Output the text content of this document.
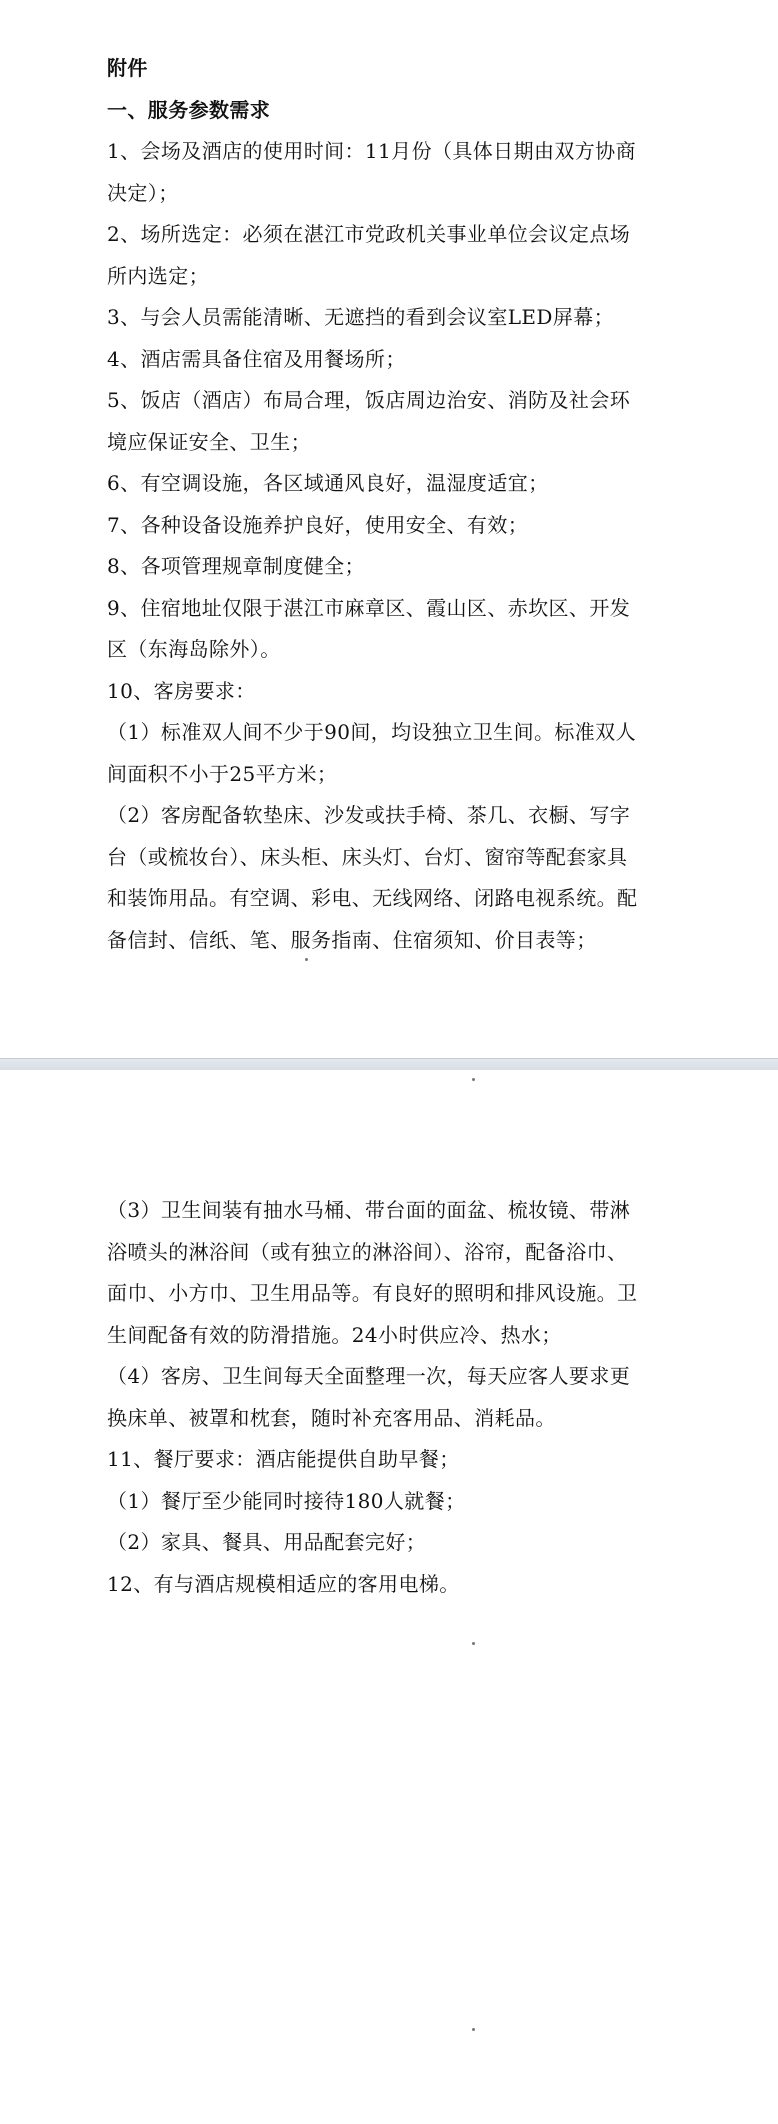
附件
一、服务参数需求
1、会场及酒店的使用时间：11月份（具体日期由双方协商
决定）；
2、场所选定：必须在湛江市党政机关事业单位会议定点场
所内选定；
3、与会人员需能清晰、无遮挡的看到会议室LED屏幕；
4、酒店需具备住宿及用餐场所；
5、饭店（酒店）布局合理，饭店周边治安、消防及社会环
境应保证安全、卫生；
6、有空调设施，各区域通风良好，温湿度适宜；
7、各种设备设施养护良好，使用安全、有效；
8、各项管理规章制度健全；
9、住宿地址仅限于湛江市麻章区、霞山区、赤坎区、开发
区（东海岛除外）。
10、客房要求：
（1）标准双人间不少于90间，均设独立卫生间。标准双人
间面积不小于25平方米；
（2）客房配备软垫床、沙发或扶手椅、茶几、衣橱、写字
台（或梳妆台）、床头柜、床头灯、台灯、窗帘等配套家具
和装饰用品。有空调、彩电、无线网络、闭路电视系统。配
备信封、信纸、笔、服务指南、住宿须知、价目表等；
（3）卫生间装有抽水马桶、带台面的面盆、梳妆镜、带淋
浴喷头的淋浴间（或有独立的淋浴间）、浴帘，配备浴巾、
面巾、小方巾、卫生用品等。有良好的照明和排风设施。卫
生间配备有效的防滑措施。24小时供应冷、热水；
（4）客房、卫生间每天全面整理一次，每天应客人要求更
换床单、被罩和枕套，随时补充客用品、消耗品。
11、餐厅要求：酒店能提供自助早餐；
（1）餐厅至少能同时接待180人就餐；
（2）家具、餐具、用品配套完好；
12、有与酒店规模相适应的客用电梯。
